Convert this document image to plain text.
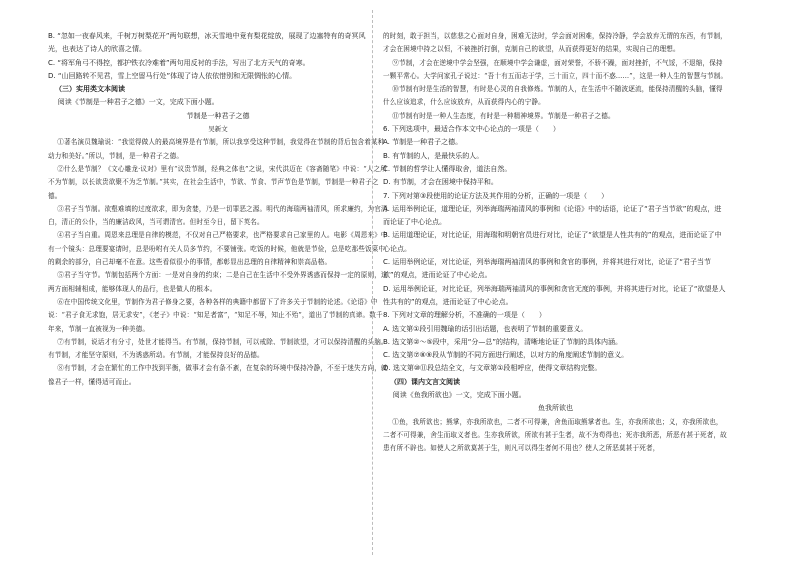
B. “忽如一夜春风来，千树万树梨花开”两句联想，冰天雪地中竟有梨花绽放，展现了边塞特有的奇冥风

光，也表达了诗人的欣喜之情。

C. “将军角弓不得控，都护铁衣冷难着”两句用反衬的手法，写出了北方天气的奇寒。

D. “山回路转不见君，雪上空留马行处”体现了诗人依依惜别和无限惆怅的心情。

（三）实用类文本阅读

阅读《节制是一种君子之德》一文，完成下面小题。

节制是一种君子之德

吴新文

①著名演员魏瑜说：“我觉得做人的最高境界是有节制，所以我享受这种节制，我觉得在节制的背后包含着某种动力和美好。”所以，节制，是一种君子之德。

②什么是节制？《文心雕龙·议对》里有“议贵节制，经典之体也”之说，宋代洪迈在《容斋随笔》中说：“人之所不为节制，以长欲贵欲聚不为乏节制。”其实，在社会生活中，节欲、节食、节声节色是节制，节制是一种君子之德。

③君子当节制。欲壑难填的过度欲求，即为贪婪，乃是一切罪恶之源。明代的海瑞两袖清风，所求廉约，为官清白，清正的公仆，当的廉洁政风，当可谓清官。但时至今日，留下英名。

④君子当自重。周恩来总理是自律的模范，不仅对自己严格要求，也严格要求自己家里的人。电影《周恩来》中有一个镜头：总理要宴请时，总是吩咐有关人员多节约，不要铺张。吃饭的时候，他就是节俭，总是吃那些饭菜中的剩余的部分，自己却毫不在意。这些看似很小的事情，都彰显出总理的自律精神和崇高品格。

⑤君子当守节。节制包括两个方面：一是对自身的约束；二是自己在生活中不受外界诱惑而保持一定的原则，这两方面相辅相成，能够体现人的品行，也是做人的根本。

⑥在中国传统文化里，节制作为君子修身之要，各种各样的典籍中都留下了许多关于节制的论述。《论语》中说：“君子食无求饱，居无求安”，《老子》中说：“知足者富”，“知足不辱，知止不殆”，道出了节制的真谛。数千年来，节制一直被视为一种美德。

⑦有节制，说话才有分寸，处世才能得当。有节制，保持节制，可以戒除、节制欲望，才可以保持清醒的头脑。有节制，才能坚守原则，不为诱惑所动。有节制，才能保持良好的品德。

⑧有节制，才会在繁忙的工作中找到平衡，做事才会有条不紊，在复杂的环境中保持冷静，不至于迷失方向，就像君子一样，懂得适可而止。

的时刻，敢于担当，以慈悲之心面对自身，困难无法时，学会面对困难，保持冷静，学会放弃无谓的东西，有节制，才会在困境中持之以恒，不被挫折打倒，克制自己的欲望，从而获得更好的结果，实现自己的理想。

⑨节制，才会在逆境中学会坚强，在顺境中学会谦虚，面对荣誉，不骄不躁，面对挫折，不气馁，不退缩，保持一颗平常心。大学问家孔子说过：“吾十有五而志于学，三十而立，四十而不惑……”，这是一种人生的智慧与节制。

⑩节制有时是生活的智慧，有时是心灵的自我修炼。节制的人，在生活中不随波逐流，能保持清醒的头脑，懂得什么应该追求，什么应该放弃，从而获得内心的宁静。

⑪节制有时是一种人生态度，有时是一种精神境界。节制是一种君子之德。

6. 下列选项中，最适合作本文中心论点的一项是（　　）

A. 节制是一种君子之德。

B. 有节制的人，是最快乐的人。

C. 节制的哲学让人懂得取舍，道法自然。

D. 有节制，才会在困境中保持平和。

7. 下列对第③段使用的论证方法及其作用的分析，正确的一项是（　　）

A. 运用举例论证，道理论证，列举海瑞两袖清风的事例和《论语》中的话语，论证了“君子当节欲”的观点，进而论证了中心论点。

B. 运用道理论证，对比论证，用海瑞和明朝官员进行对比，论证了“欲望是人性共有的”的观点，进而论证了中心论点。

C. 运用举例论证，对比论证，列举海瑞两袖清风的事例和贪官的事例，并将其进行对比，论证了“君子当节欲”的观点，进而论证了中心论点。

D. 运用举例论证，对比论证，列举海瑞两袖清风的事例和贪官无度的事例，并将其进行对比，论证了“欲望是人性共有的”的观点，进而论证了中心论点。

8. 下列对文章的理解分析，不准确的一项是（　　）

A. 选文第①段引用魏瑜的话引出话题，也表明了节制的重要意义。

B. 选文第②～⑤段中，采用“分—总”的结构，清晰地论证了节制的具体内涵。

C. 选文第⑦⑧⑨段从节制的不同方面进行阐述，以对方的角度阐述节制的意义。

D. 选文第⑩⑪段总结全文，与文章第①段相呼应，使得文章结构完整。

（四）课内文言文阅读

阅读《鱼我所欲也》一文，完成下面小题。

鱼我所欲也

①鱼，我所欲也；熊掌，亦我所欲也，二者不可得兼，舍鱼而取熊掌者也。生，亦我所欲也；义，亦我所欲也，二者不可得兼，舍生而取义者也。生亦我所欲，所欲有甚于生者，故不为苟得也；死亦我所恶，所恶有甚于死者，故患有所不辟也。如使人之所欲莫甚于生，则凡可以得生者何不用也？使人之所恶莫甚于死者，
